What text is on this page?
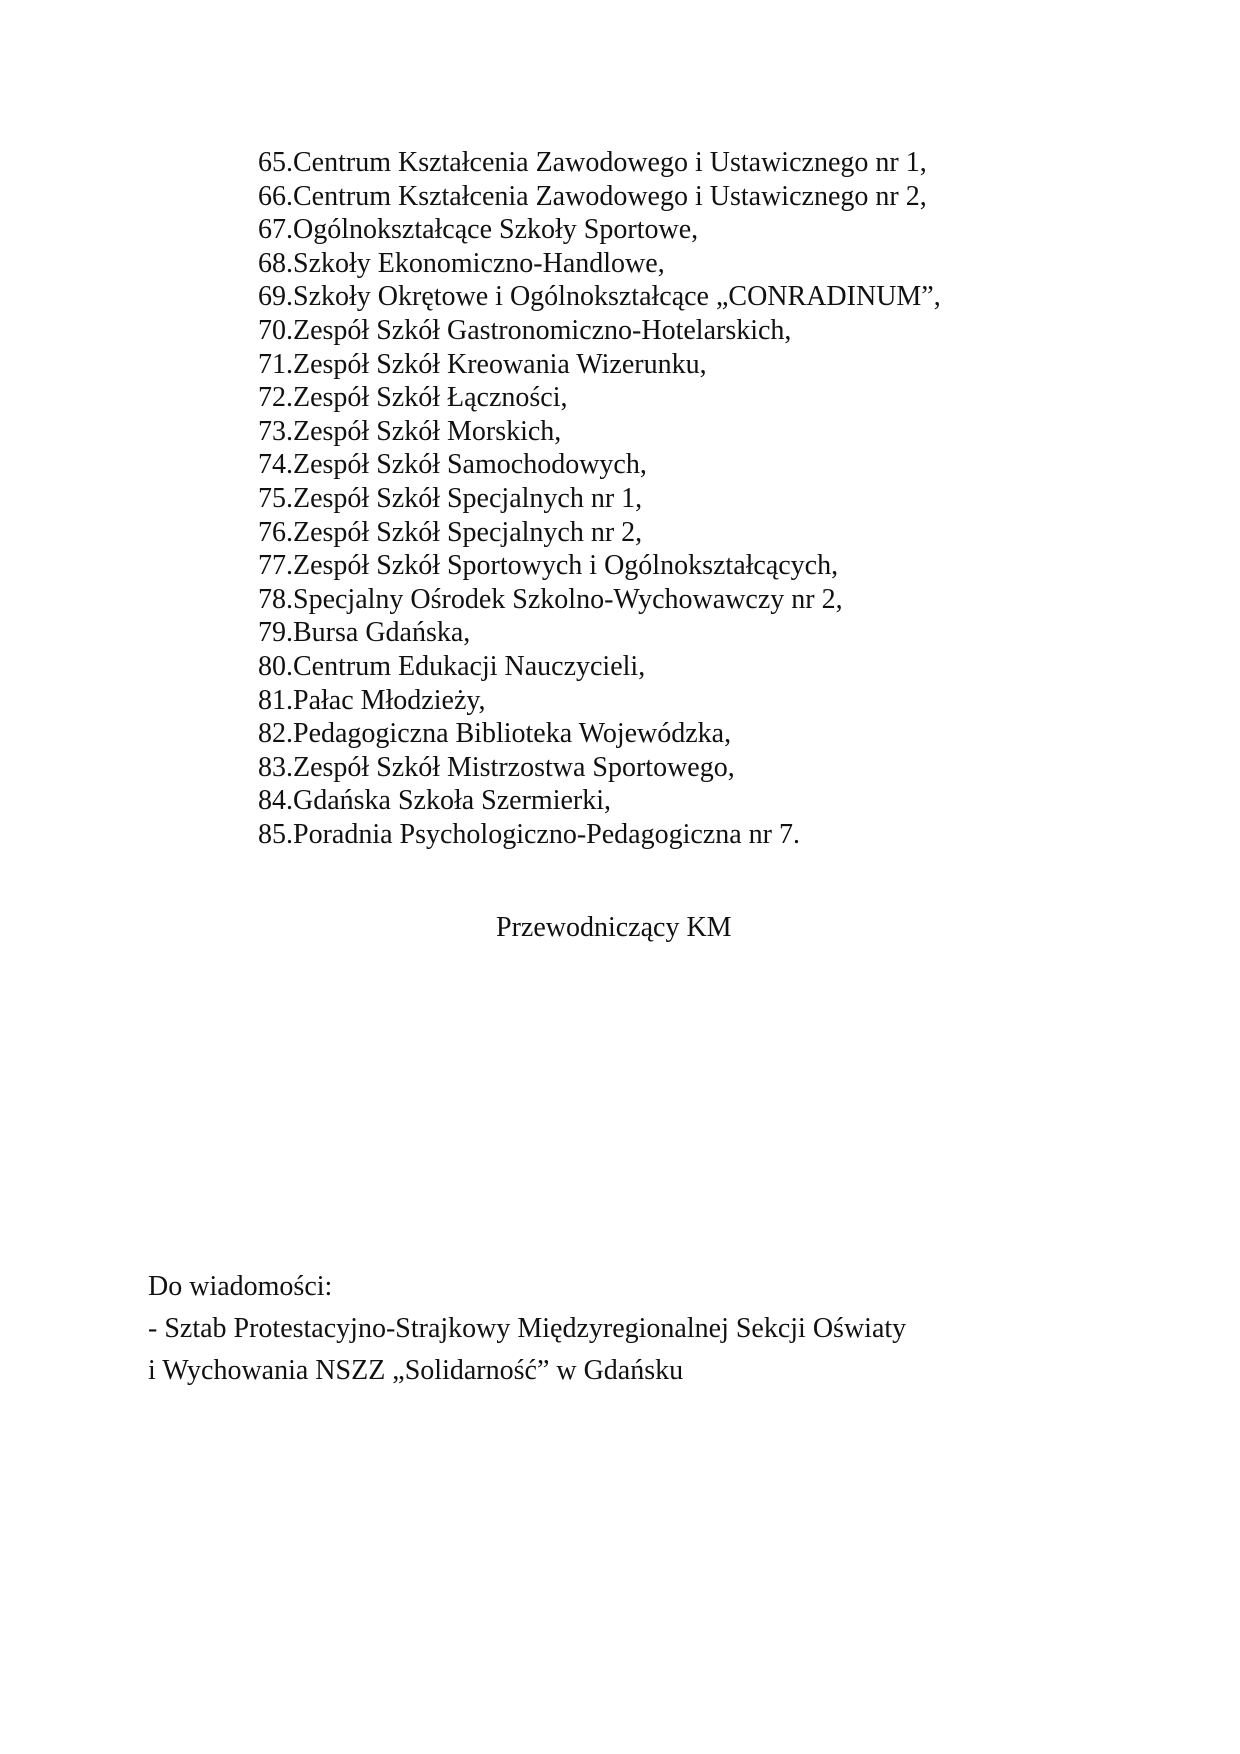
65.Centrum Kształcenia Zawodowego i Ustawicznego nr 1,
66.Centrum Kształcenia Zawodowego i Ustawicznego nr 2,
67.Ogólnokształcące Szkoły Sportowe,
68.Szkoły Ekonomiczno-Handlowe,
69.Szkoły Okrętowe i Ogólnokształcące „CONRADINUM”,
70.Zespół Szkół Gastronomiczno-Hotelarskich,
71.Zespół Szkół Kreowania Wizerunku,
72.Zespół Szkół Łączności,
73.Zespół Szkół Morskich,
74.Zespół Szkół Samochodowych,
75.Zespół Szkół Specjalnych nr 1,
76.Zespół Szkół Specjalnych nr 2,
77.Zespół Szkół Sportowych i Ogólnokształcących,
78.Specjalny Ośrodek Szkolno-Wychowawczy nr 2,
79.Bursa Gdańska,
80.Centrum Edukacji Nauczycieli,
81.Pałac Młodzieży,
82.Pedagogiczna Biblioteka Wojewódzka,
83.Zespół Szkół Mistrzostwa Sportowego,
84.Gdańska Szkoła Szermierki,
85.Poradnia Psychologiczno-Pedagogiczna nr 7.
Przewodniczący KM

Do wiadomości:

- Sztab Protestacyjno-Strajkowy Międzyregionalnej Sekcji Oświaty

i Wychowania NSZZ „Solidarność” w Gdańsku
